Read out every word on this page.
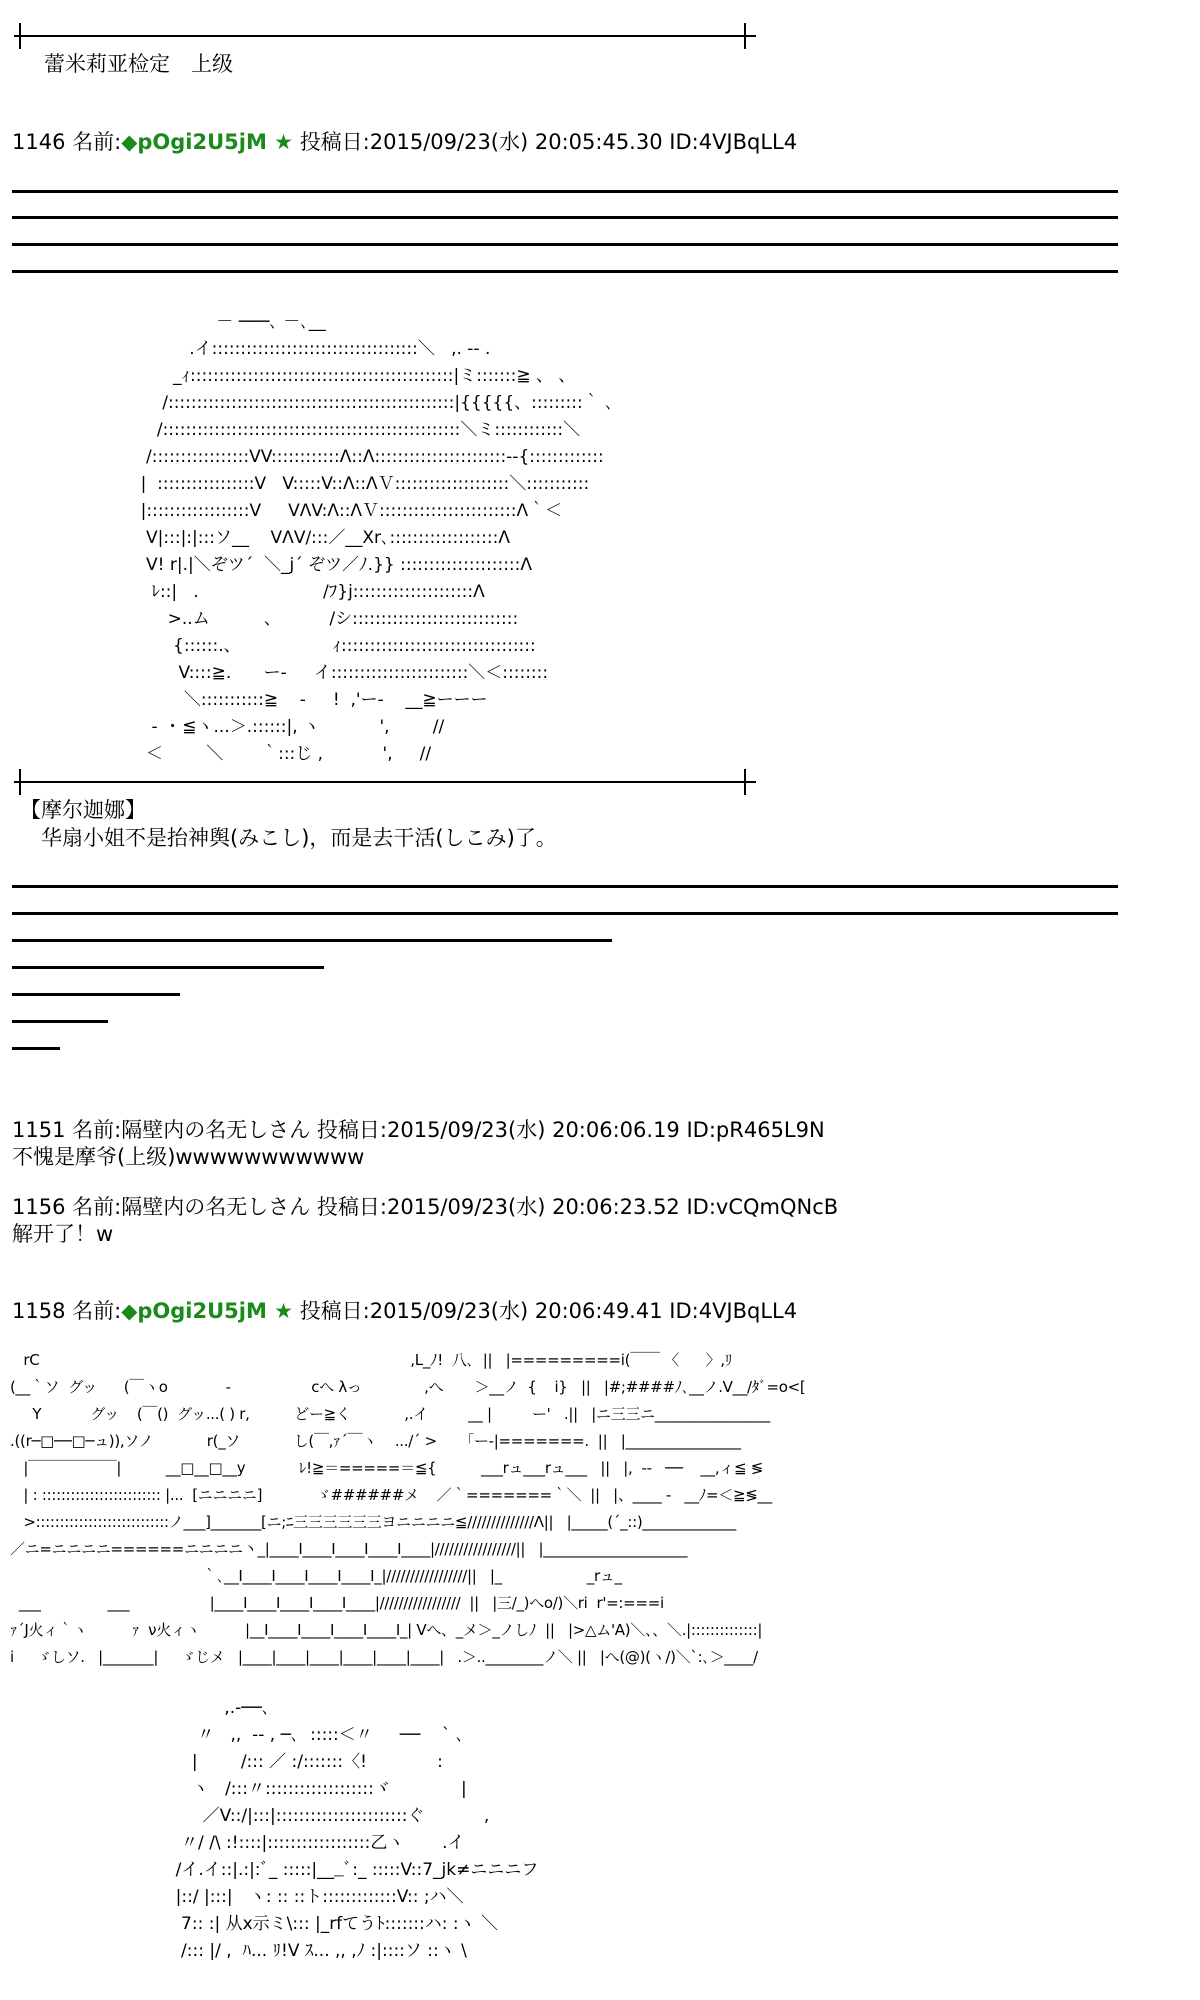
蕾米莉亚检定　上级
1146 名前:◆pOgi2U5jM ★ 投稿日:2015/09/23(水) 20:05:45.30 ID:4VJBqLL4
－ ───､ －､__
.イ::::::::::::::::::::::::::::::::::::＼   ,. -- .
_ｨ::::::::::::::::::::::::::::::::::::::::::::::|ミ:::::::≧ 、 、
/::::::::::::::::::::::::::::::::::::::::::::::::::|{{{{{、:::::::::｀ ､
/::::::::::::::::::::::::::::::::::::::::::::::::::::＼ミ::::::::::::＼
/:::::::::::::::::VV::::::::::::Λ::Λ:::::::::::::::::::::::--{:::::::::::::
|  :::::::::::::::::V   V:::::V::Λ::ΛＶ::::::::::::::::::::＼:::::::::::
|::::::::::::::::::V     VΛV:Λ::ΛＶ::::::::::::::::::::::::Λ｀＜
V|:::|:|:::ソ__    VΛV/:::／__Xr､:::::::::::::::::::Λ
V! r|.|＼ぞツ´  ＼_j´ ぞツ／ﾉ.}} :::::::::::::::::::::Λ
ﾚ::|   .                       /ﾌ}j:::::::::::::::::::::Λ
>..ム          、         /シ:::::::::::::::::::::::::::::
{::::::.、                 ｨ::::::::::::::::::::::::::::::::::
V::::≧.      ー-     イ::::::::::::::::::::::::＼＜::::::::
＼:::::::::::≧    -     !  ,'ー-    __≧ーーー
-  ･ ≦ヽ...＞.::::::|, ヽ           ',        //
＜        ＼       ｀:::じ ,           ',     //
【摩尔迦娜】
　华扇小姐不是抬神舆(みこし)，而是去干活(しこみ)了。
1151 名前:隔壁内の名无しさん 投稿日:2015/09/23(水) 20:06:06.19 ID:pR465L9N
不愧是摩爷(上级)wwwwwwwwwww
1156 名前:隔壁内の名无しさん 投稿日:2015/09/23(水) 20:06:23.52 ID:vCQmQNcB
解开了！w
1158 名前:◆pOgi2U5jM ★ 投稿日:2015/09/23(水) 20:06:49.41 ID:4VJBqLL4
rC                                                                                   ,L_ﾉ!  八､  ||   |=========i(￣￣ 〈      〉,ﾘ
(__｀ソ  グッ      (￣ヽo             -                  cへ λっ              ,へ       ＞__ノ  {    i}   ||   |#;####ﾉ､__ノ.V__/ﾀﾞ=o<[
Y           グッ    (￣()  グッ...( ) r,          どー≧く            ,.イ         __ |         ー'   .||   |ニ三三ニ________________
.((r─□──□─ュ)),ソノ            r(_ソ            し(￣,ｧ´￣ヽ    .../´ >     「ー‐|=======.  ||   |________________
|￣￣￣￣￣￣|          __□__□__y            ﾚ!≧＝=====＝≦{          ___rュ___rュ___   ||   |,  --   ──    __,ィ≦ ≶
| : ::::::::::::::::::::::::: |...  [ニニニニ]            ゞ######メ    ／｀=======｀＼  ||   |、____ -   __ﾉ=＜≧≶__
>::::::::::::::::::::::::::::ノ___]_______[ニ;ﾆ三三三三三三ヨニニニニ≦//////////////Λ||   |_____(´_::)_____________
／ニ=ニニニニ======ニニニニ丶_|____I____I____I____I____|/////////////////||   |____________________
｀､__I____I____I____I____I_|/////////////////||   |_                   _rュ_
___               ___                  |____I____I____I____I____|/////////////////  ||   |三/_)へo/)＼ri  r'=:===i
ｧ´J火ィ｀ヽ          ｧ  ν火ィヽ          |__I____I____I____I____I_| Vへ、_メ＞_ノしﾉ  ||   |>△ム'A)＼、、＼.|::::::::::::::|
i     ゞしソ.   |_______|     ゞじメ   |____|____|____|____|____|____|   .＞..________ノ＼ ||   |へ(@)(ヽ/)＼`:､＞____/
,.‐──､
〃   ,,  -- , ─､  :::::＜〃     ──    ` ､
|        /::: ／ :/:::::::〈!             :
ヽ   /:::〃:::::::::::::::::::ヾ             |
／V::/|:::|:::::::::::::::::::::::ぐ           ,
〃/ /\ :!::::|::::::::::::::::::乙ヽ       .イ
/イ.イ::|.:|:ﾞ_ :::::|___ﾞ:_ :::::V::7_jk≠ニニニフ
|::/ |:::|   ヽ: :: ::ト:::::::::::::V:: ;ハ＼
7:: :| 从x示ミ\::: |_rfてうﾄ:::::::ハ: :ヽ ＼
/::: |/ ,  ﾊ... ﾘ!V ｽ... ,, ,ﾉ :|::::ソ ::ヽ \
